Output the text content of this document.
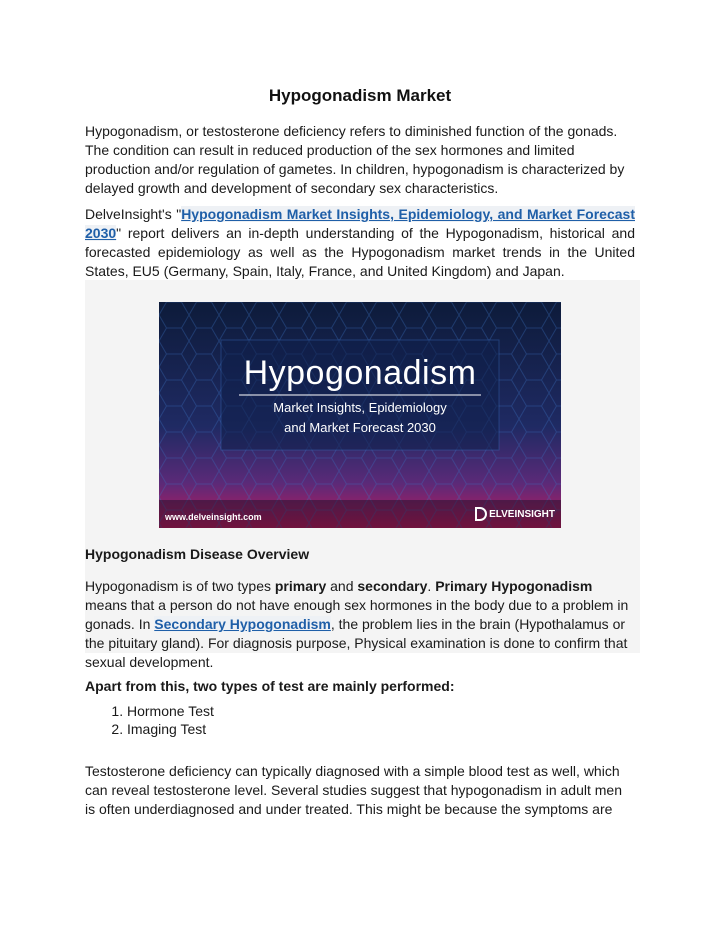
Hypogonadism Market

Hypogonadism, or testosterone deficiency refers to diminished function of the gonads. The condition can result in reduced production of the sex hormones and limited production and/or regulation of gametes. In children, hypogonadism is characterized by delayed growth and development of secondary sex characteristics.

DelveInsight's "Hypogonadism Market Insights, Epidemiology, and Market Forecast 2030" report delivers an in-depth understanding of the Hypogonadism, historical and forecasted epidemiology as well as the Hypogonadism market trends in the United States, EU5 (Germany, Spain, Italy, France, and United Kingdom) and Japan.

Hypogonadism
Market Insights, Epidemiology
and Market Forecast 2030
www.delveinsight.com	ELVEINSIGHT
Hypogonadism Disease Overview

Hypogonadism is of two types primary and secondary. Primary Hypogonadism means that a person do not have enough sex hormones in the body due to a problem in gonads. In Secondary Hypogonadism, the problem lies in the brain (Hypothalamus or the pituitary gland). For diagnosis purpose, Physical examination is done to confirm that sexual development.

Apart from this, two types of test are mainly performed:

1. Hormone Test
2. Imaging Test

Testosterone deficiency can typically diagnosed with a simple blood test as well, which can reveal testosterone level. Several studies suggest that hypogonadism in adult men is often underdiagnosed and under treated. This might be because the symptoms are
